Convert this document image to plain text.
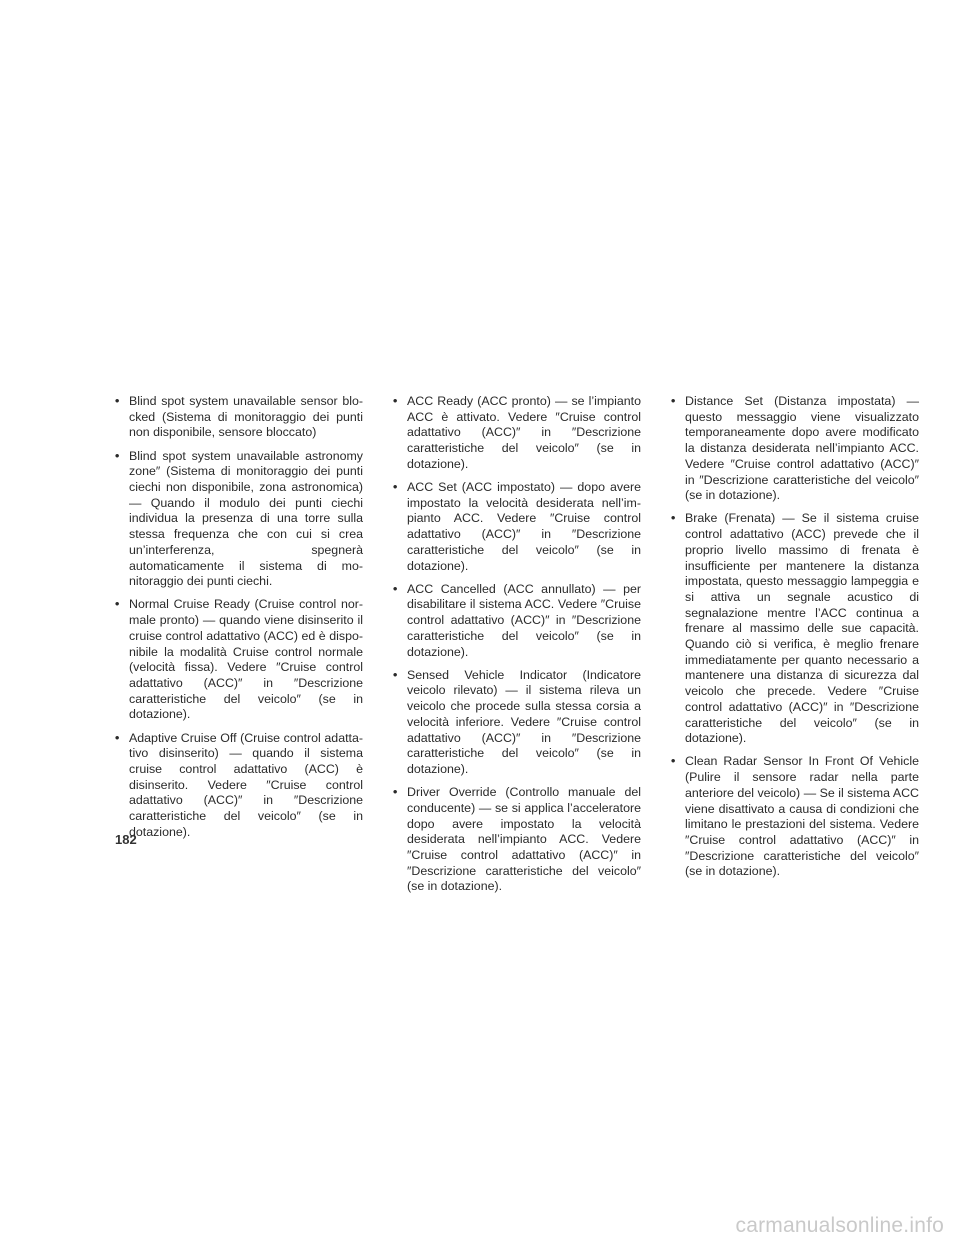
• Blind spot system unavailable sensor blocked (Sistema di monitoraggio dei punti non disponibile, sensore bloccato)
• Blind spot system unavailable astronomy zone″ (Sistema di monitoraggio dei punti ciechi non disponibile, zona astronomica) — Quando il modulo dei punti ciechi individua la presenza di una torre sulla stessa frequenza che con cui si crea un’interferenza, spegnerà automaticamente il sistema di monitoraggio dei punti ciechi.
• Normal Cruise Ready (Cruise control normale pronto) — quando viene disinserito il cruise control adattativo (ACC) ed è disponibile la modalità Cruise control normale (velocità fissa). Vedere ″Cruise control adattativo (ACC)″ in ″Descrizione caratteristiche del veicolo″ (se in dotazione).
• Adaptive Cruise Off (Cruise control adattativo disinserito) — quando il sistema cruise control adattativo (ACC) è disinserito. Vedere ″Cruise control adattativo (ACC)″ in ″Descrizione caratteristiche del veicolo″ (se in dotazione).
• ACC Ready (ACC pronto) — se l’impianto ACC è attivato. Vedere ″Cruise control adattativo (ACC)″ in ″Descrizione caratteristiche del veicolo″ (se in dotazione).
• ACC Set (ACC impostato) — dopo avere impostato la velocità desiderata nell’impianto ACC. Vedere ″Cruise control adattativo (ACC)″ in ″Descrizione caratteristiche del veicolo″ (se in dotazione).
• ACC Cancelled (ACC annullato) — per disabilitare il sistema ACC. Vedere ″Cruise control adattativo (ACC)″ in ″Descrizione caratteristiche del veicolo″ (se in dotazione).
• Sensed Vehicle Indicator (Indicatore veicolo rilevato) — il sistema rileva un veicolo che procede sulla stessa corsia a velocità inferiore. Vedere ″Cruise control adattativo (ACC)″ in ″Descrizione caratteristiche del veicolo″ (se in dotazione).
• Driver Override (Controllo manuale del conducente) — se si applica l’acceleratore dopo avere impostato la velocità desiderata nell’impianto ACC. Vedere ″Cruise control adattativo (ACC)″ in ″Descrizione caratteristiche del veicolo″ (se in dotazione).
• Distance Set (Distanza impostata) — questo messaggio viene visualizzato temporaneamente dopo avere modificato la distanza desiderata nell’impianto ACC. Vedere ″Cruise control adattativo (ACC)″ in ″Descrizione caratteristiche del veicolo″ (se in dotazione).
• Brake (Frenata) — Se il sistema cruise control adattativo (ACC) prevede che il proprio livello massimo di frenata è insufficiente per mantenere la distanza impostata, questo messaggio lampeggia e si attiva un segnale acustico di segnalazione mentre l’ACC continua a frenare al massimo delle sue capacità. Quando ciò si verifica, è meglio frenare immediatamente per quanto necessario a mantenere una distanza di sicurezza dal veicolo che precede. Vedere ″Cruise control adattativo (ACC)″ in ″Descrizione caratteristiche del veicolo″ (se in dotazione).
• Clean Radar Sensor In Front Of Vehicle (Pulire il sensore radar nella parte anteriore del veicolo) — Se il sistema ACC viene disattivato a causa di condizioni che limitano le prestazioni del sistema. Vedere ″Cruise control adattativo (ACC)″ in ″Descrizione caratteristiche del veicolo″ (se in dotazione).
182
carmanualsonline.info
